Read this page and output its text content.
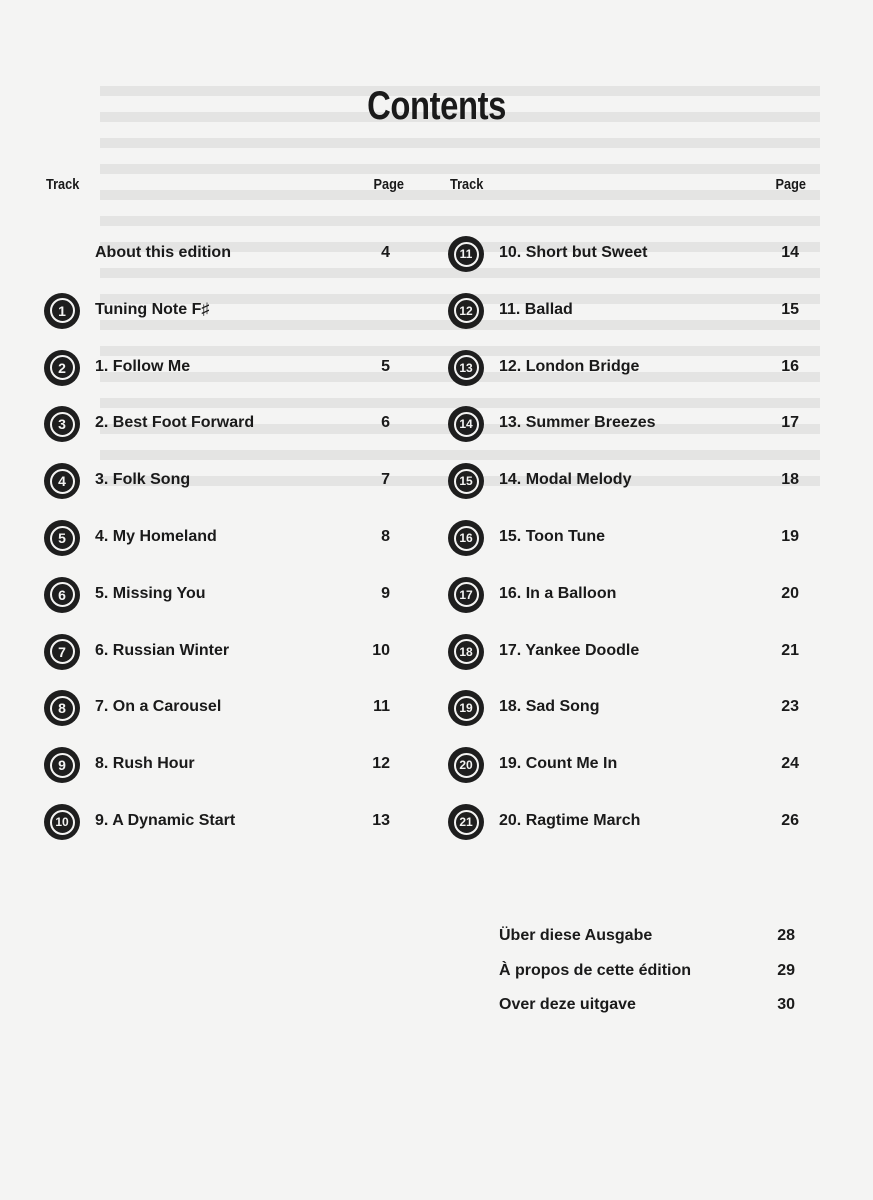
Contents
Track	Page	Track	Page
About this edition	4
1	Tuning Note F♯
2	1. Follow Me	5
3	2. Best Foot Forward	6
4	3. Folk Song	7
5	4. My Homeland	8
6	5. Missing You	9
7	6. Russian Winter	10
8	7. On a Carousel	11
9	8. Rush Hour	12
10	9. A Dynamic Start	13
11	10. Short but Sweet	14
12	11. Ballad	15
13	12. London Bridge	16
14	13. Summer Breezes	17
15	14. Modal Melody	18
16	15. Toon Tune	19
17	16. In a Balloon	20
18	17. Yankee Doodle	21
19	18. Sad Song	23
20	19. Count Me In	24
21	20. Ragtime March	26
Über diese Ausgabe	28
À propos de cette édition	29
Over deze uitgave	30
